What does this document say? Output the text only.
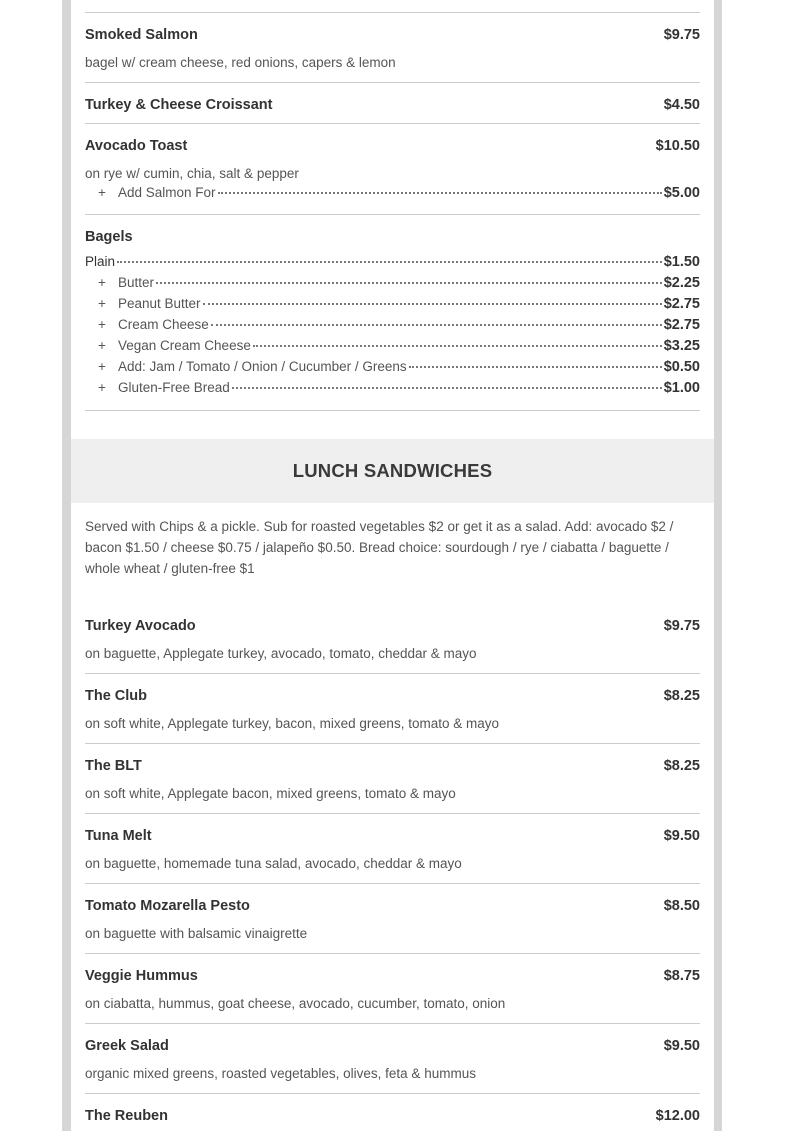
Smoked Salmon	$9.75
bagel w/ cream cheese, red onions, capers & lemon
Turkey & Cheese Croissant	$4.50
Avocado Toast	$10.50
on rye w/ cumin, chia, salt & pepper
+ Add Salmon For	$5.00
Bagels
Plain	$1.50
+ Butter	$2.25
+ Peanut Butter	$2.75
+ Cream Cheese	$2.75
+ Vegan Cream Cheese	$3.25
+ Add: Jam / Tomato / Onion / Cucumber / Greens	$0.50
+ Gluten-Free Bread	$1.00
LUNCH SANDWICHES
Served with Chips & a pickle. Sub for roasted vegetables $2 or get it as a salad. Add: avocado $2 / bacon $1.50 / cheese $0.75 / jalapeño $0.50. Bread choice: sourdough / rye / ciabatta / baguette / whole wheat / gluten-free $1
Turkey Avocado	$9.75
on baguette, Applegate turkey, avocado, tomato, cheddar & mayo
The Club	$8.25
on soft white, Applegate turkey, bacon, mixed greens, tomato & mayo
The BLT	$8.25
on soft white, Applegate bacon, mixed greens, tomato & mayo
Tuna Melt	$9.50
on baguette, homemade tuna salad, avocado, cheddar & mayo
Tomato Mozarella Pesto	$8.50
on baguette with balsamic vinaigrette
Veggie Hummus	$8.75
on ciabatta, hummus, goat cheese, avocado, cucumber, tomato, onion
Greek Salad	$9.50
organic mixed greens, roasted vegetables, olives, feta & hummus
The Reuben	$12.00
